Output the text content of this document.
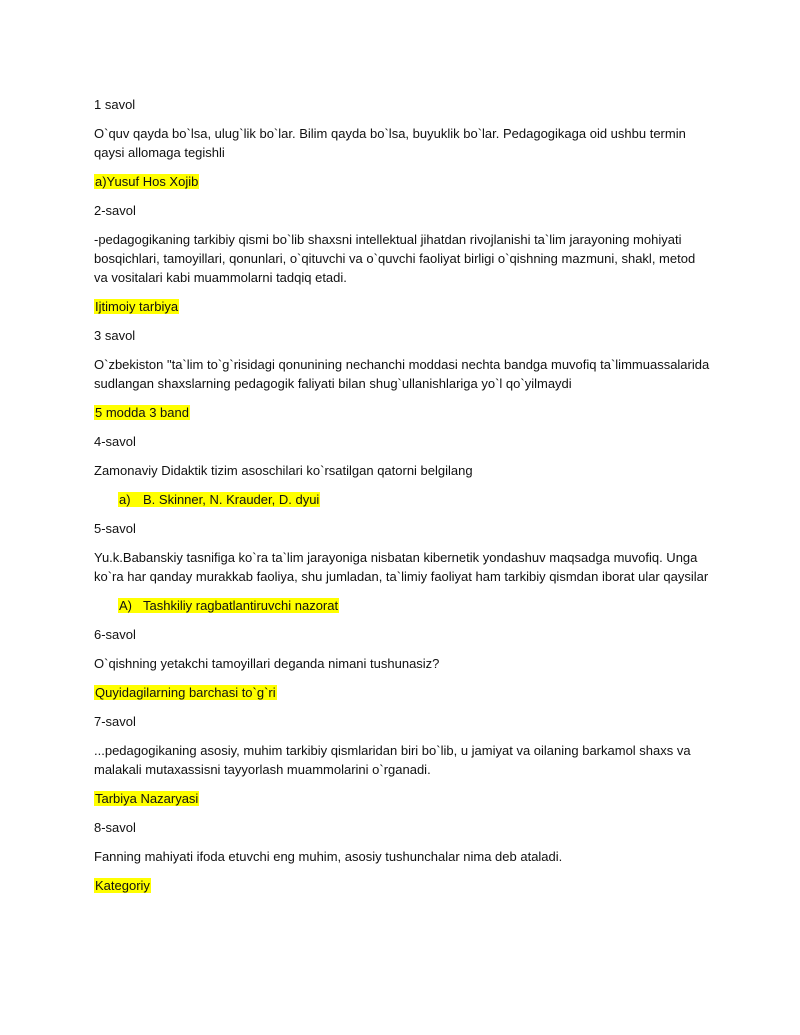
1 savol
O`quv qayda bo`lsa, ulug`lik bo`lar. Bilim qayda bo`lsa, buyuklik bo`lar. Pedagogikaga oid ushbu termin qaysi allomaga tegishli
a)Yusuf Hos Xojib
2-savol
-pedagogikaning tarkibiy qismi bo`lib shaxsni intellektual jihatdan rivojlanishi ta`lim jarayoning mohiyati bosqichlari, tamoyillari, qonunlari, o`qituvchi va o`quvchi faoliyat birligi o`qishning mazmuni, shakl, metod va vositalari kabi muammolarni tadqiq etadi.
Ijtimoiy tarbiya
3 savol
O`zbekiston "ta`lim to`g`risidagi qonunining nechanchi moddasi nechta bandga muvofiq ta`limmuassalarida sudlangan shaxslarning pedagogik faliyati bilan shug`ullanishlariga yo`l qo`yilmaydi
5 modda 3 band
4-savol
Zamonaviy Didaktik tizim asoschilari ko`rsatilgan qatorni belgilang
a) B. Skinner, N. Krauder, D. dyui
5-savol
Yu.k.Babanskiy tasnifiga ko`ra ta`lim jarayoniga nisbatan kibernetik yondashuv maqsadga muvofiq. Unga ko`ra har qanday murakkab faoliya, shu jumladan, ta`limiy faoliyat ham tarkibiy qismdan iborat ular qaysilar
A) Tashkiliy ragbatlantiruvchi nazorat
6-savol
O`qishning yetakchi tamoyillari deganda nimani tushunasiz?
Quyidagilarning barchasi to`g`ri
7-savol
...pedagogikaning asosiy, muhim tarkibiy qismlaridan biri bo`lib, u jamiyat va oilaning barkamol shaxs va malakali mutaxassisni tayyorlash muammolarini o`rganadi.
Tarbiya Nazaryasi
8-savol
Fanning mahiyati ifoda etuvchi eng muhim, asosiy tushunchalar nima deb ataladi.
Kategoriy
